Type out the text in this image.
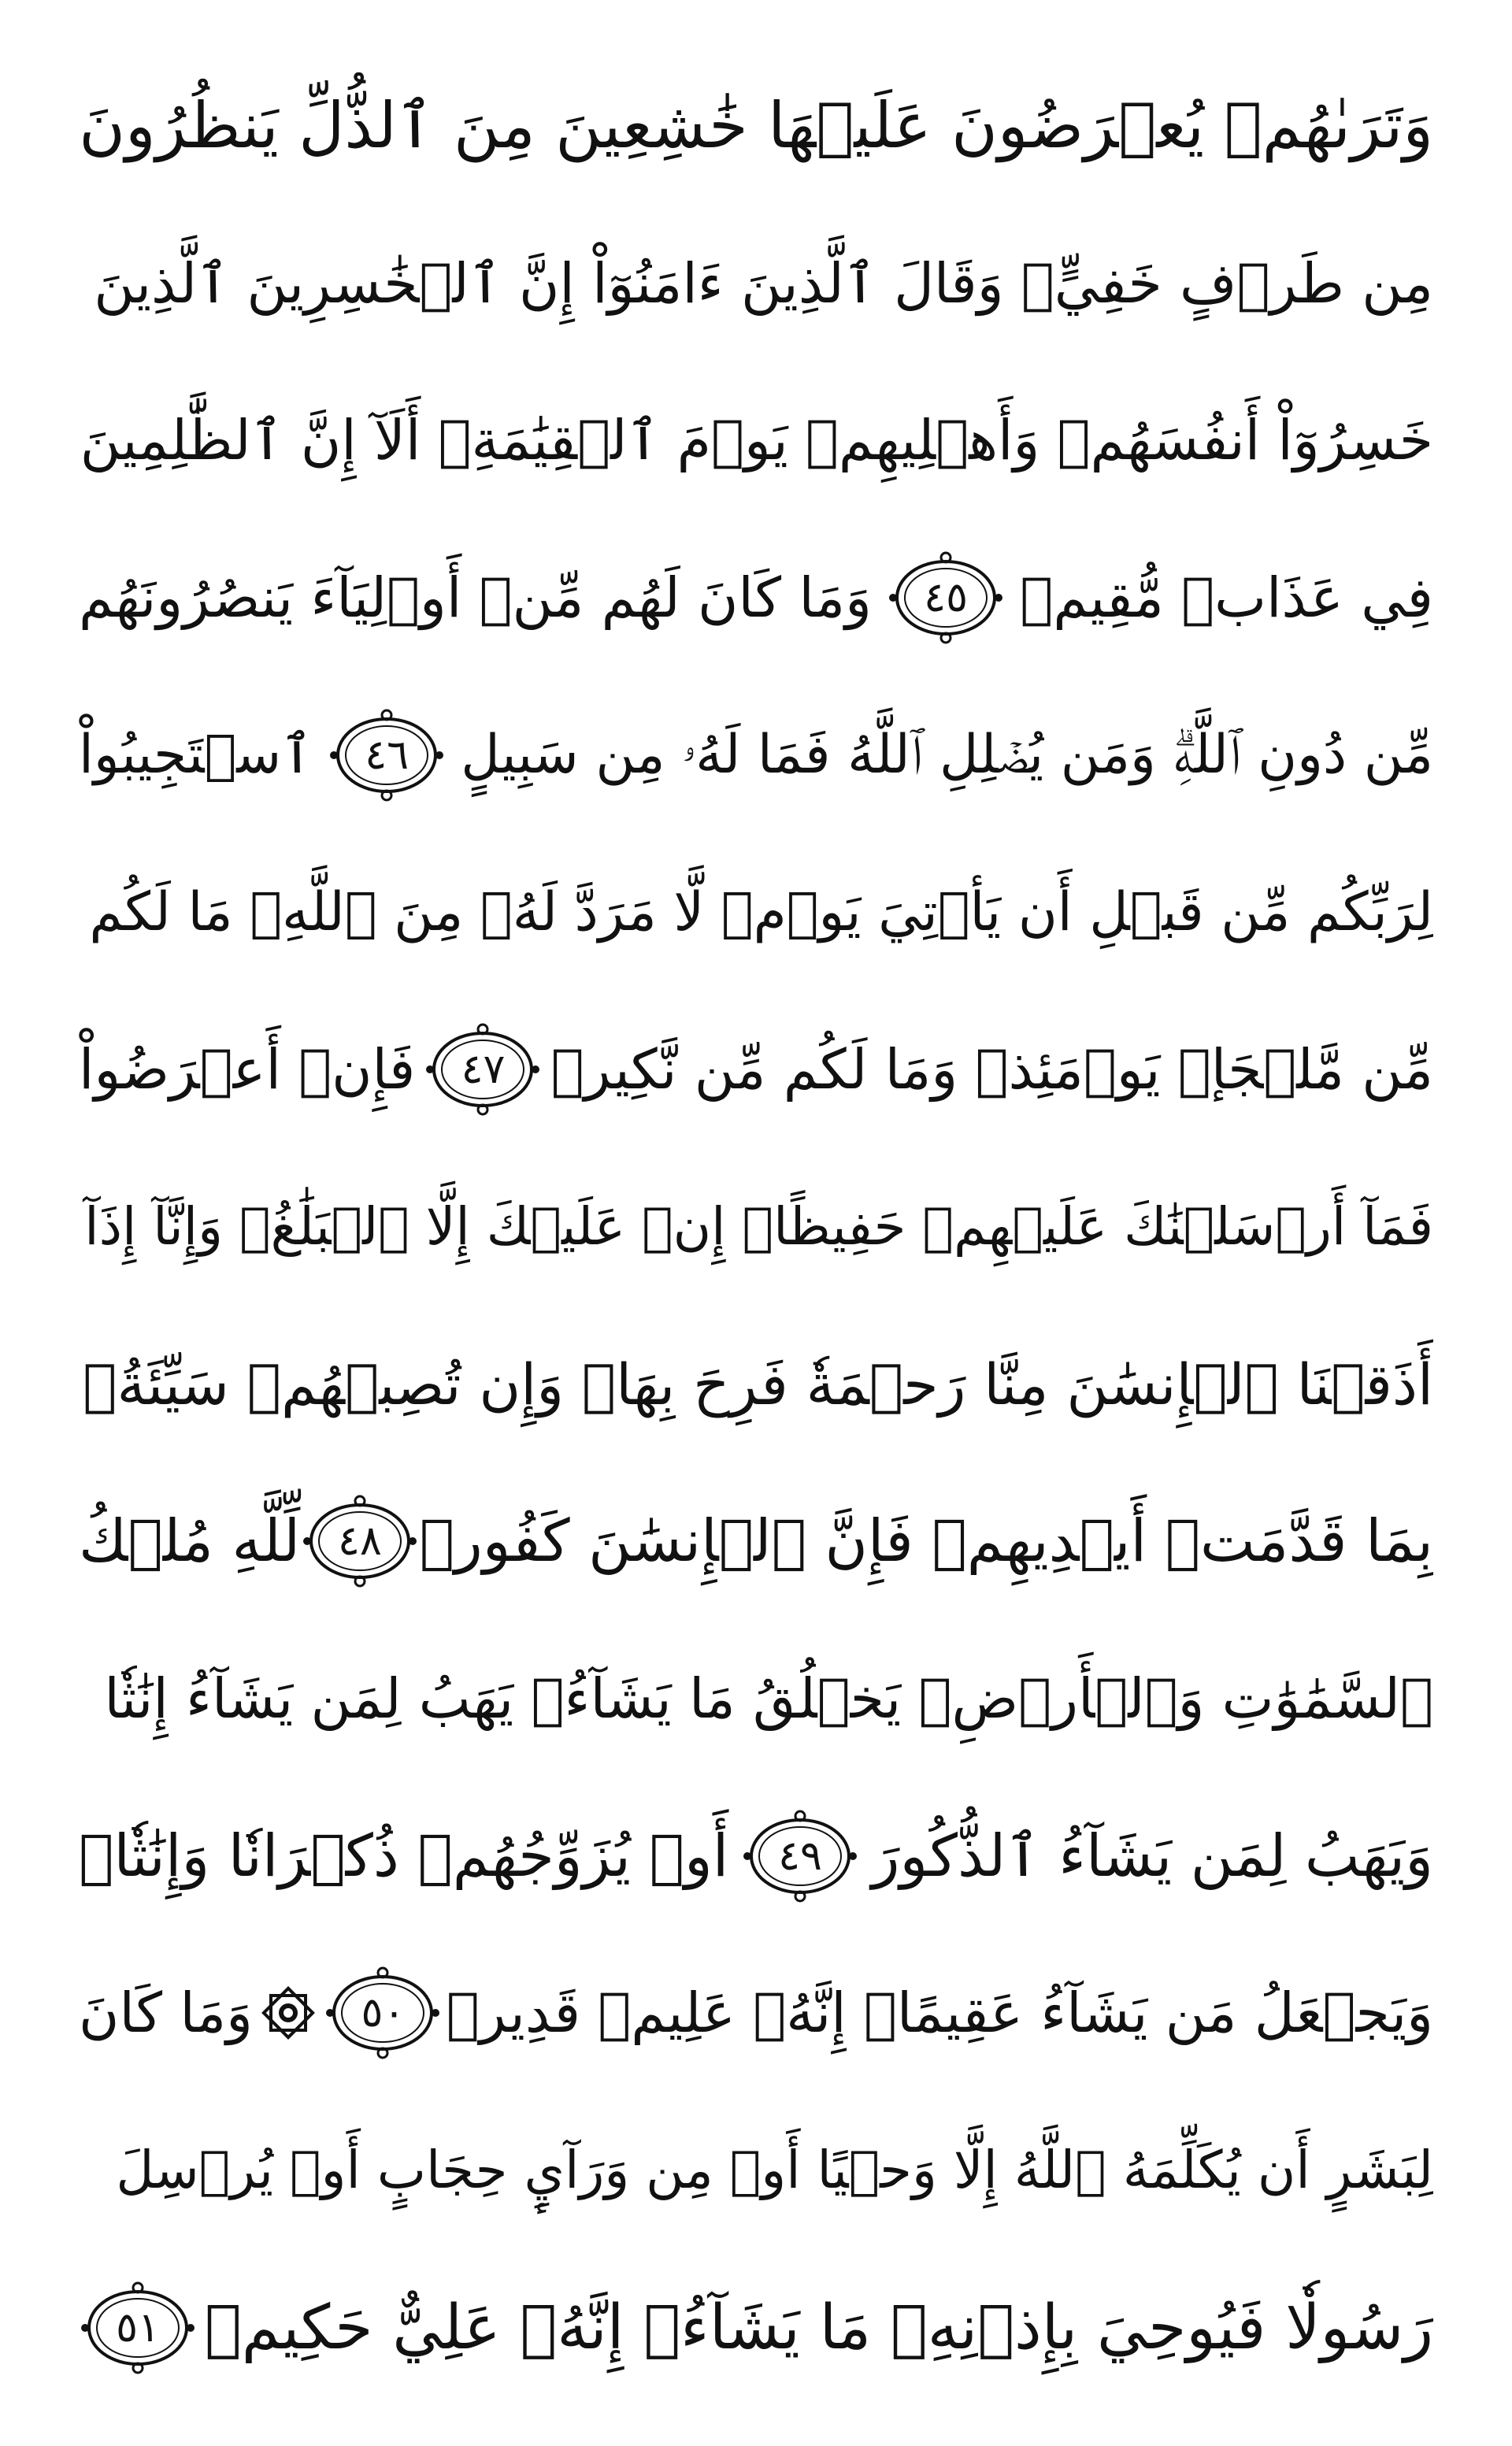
وَتَرَىٰهُمۡ يُعۡرَضُونَ عَلَيۡهَا خَٰشِعِينَ مِنَ ٱلذُّلِّ يَنظُرُونَ
مِن طَرۡفٍ خَفِيٍّۗ وَقَالَ ٱلَّذِينَ ءَامَنُوٓاْ إِنَّ ٱلۡخَٰسِرِينَ ٱلَّذِينَ
خَسِرُوٓاْ أَنفُسَهُمۡ وَأَهۡلِيهِمۡ يَوۡمَ ٱلۡقِيَٰمَةِۗ أَلَآ إِنَّ ٱلظَّٰلِمِينَ
فِي عَذَابٖ مُّقِيمٖ
٤٥
وَمَا كَانَ لَهُم مِّنۡ أَوۡلِيَآءَ يَنصُرُونَهُم
مِّن دُونِ ٱللَّهِۗ وَمَن يُضۡلِلِ ٱللَّهُ فَمَا لَهُۥ مِن سَبِيلٍ
٤٦
ٱسۡتَجِيبُواْ
لِرَبِّكُم مِّن قَبۡلِ أَن يَأۡتِيَ يَوۡمٞ لَّا مَرَدَّ لَهُۥ مِنَ ٱللَّهِۚ مَا لَكُم
مِّن مَّلۡجَإٖ يَوۡمَئِذٖ وَمَا لَكُم مِّن نَّكِيرٖ
٤٧
فَإِنۡ أَعۡرَضُواْ
فَمَآ أَرۡسَلۡنَٰكَ عَلَيۡهِمۡ حَفِيظًاۖ إِنۡ عَلَيۡكَ إِلَّا ٱلۡبَلَٰغُۗ وَإِنَّآ إِذَآ
أَذَقۡنَا ٱلۡإِنسَٰنَ مِنَّا رَحۡمَةٗ فَرِحَ بِهَاۖ وَإِن تُصِبۡهُمۡ سَيِّئَةُۢ
بِمَا قَدَّمَتۡ أَيۡدِيهِمۡ فَإِنَّ ٱلۡإِنسَٰنَ كَفُورٞ
٤٨
لِّلَّهِ مُلۡكُ
ٱلسَّمَٰوَٰتِ وَٱلۡأَرۡضِۚ يَخۡلُقُ مَا يَشَآءُۚ يَهَبُ لِمَن يَشَآءُ إِنَٰثٗا
وَيَهَبُ لِمَن يَشَآءُ ٱلذُّكُورَ
٤٩
أَوۡ يُزَوِّجُهُمۡ ذُكۡرَانٗا وَإِنَٰثٗاۖ
وَيَجۡعَلُ مَن يَشَآءُ عَقِيمًاۚ إِنَّهُۥ عَلِيمٞ قَدِيرٞ
٥٠
وَمَا كَانَ
لِبَشَرٍ أَن يُكَلِّمَهُ ٱللَّهُ إِلَّا وَحۡيًا أَوۡ مِن وَرَآيِٕ حِجَابٍ أَوۡ يُرۡسِلَ
رَسُولٗا فَيُوحِيَ بِإِذۡنِهِۦ مَا يَشَآءُۚ إِنَّهُۥ عَلِيٌّ حَكِيمٞ
٥١
